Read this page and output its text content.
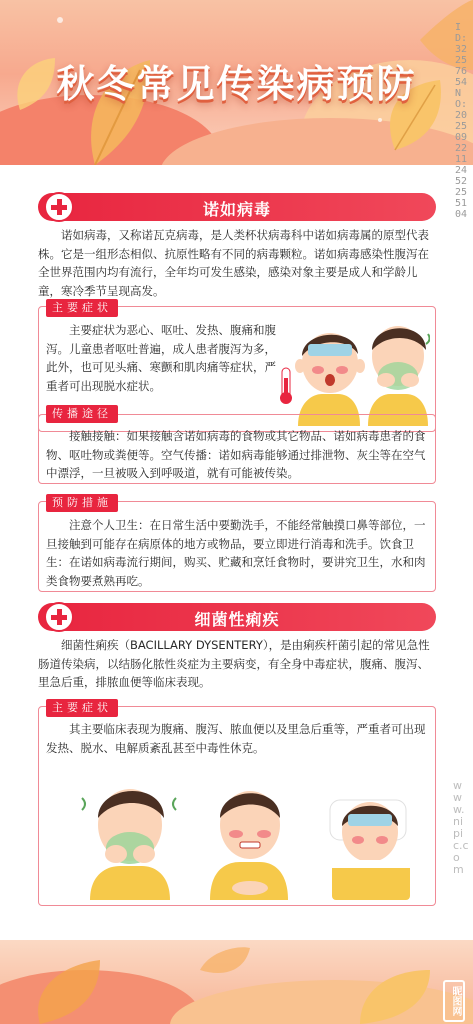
秋冬常见传染病预防
ID:32257654 NO:20250922112452255104
诺如病毒

诺如病毒，又称诺瓦克病毒，是人类杯状病毒科中诺如病毒属的原型代表株。它是一组形态相似、抗原性略有不同的病毒颗粒。诺如病毒感染性腹泻在全世界范围内均有流行，全年均可发生感染，感染对象主要是成人和学龄儿童，寒冷季节呈现高发。

主要症状

主要症状为恶心、呕吐、发热、腹痛和腹泻。儿童患者呕吐普遍，成人患者腹泻为多，此外，也可见头痛、寒颤和肌肉痛等症状，严重者可出现脱水症状。

传播途径

接触接触：如果接触含诺如病毒的食物或其它物品、诺如病毒患者的食物、呕吐物或粪便等。空气传播：诺如病毒能够通过排泄物、灰尘等在空气中漂浮，一旦被吸入到呼吸道，就有可能被传染。

预防措施

注意个人卫生：在日常生活中要勤洗手，不能经常触摸口鼻等部位，一旦接触到可能存在病原体的地方或物品，要立即进行消毒和洗手。饮食卫生：在诺如病毒流行期间，购买、贮藏和烹饪食物时，要讲究卫生，水和肉类食物要煮熟再吃。

细菌性痢疾

细菌性痢疾（BACILLARY DYSENTERY），是由痢疾杆菌引起的常见急性肠道传染病，以结肠化脓性炎症为主要病变，有全身中毒症状，腹痛、腹泻、里急后重，排脓血便等临床表现。

主要症状

其主要临床表现为腹痛、腹泻、脓血便以及里急后重等，严重者可出现发热、脱水、电解质紊乱甚至中毒性休克。

www.nipic.com
昵图网
